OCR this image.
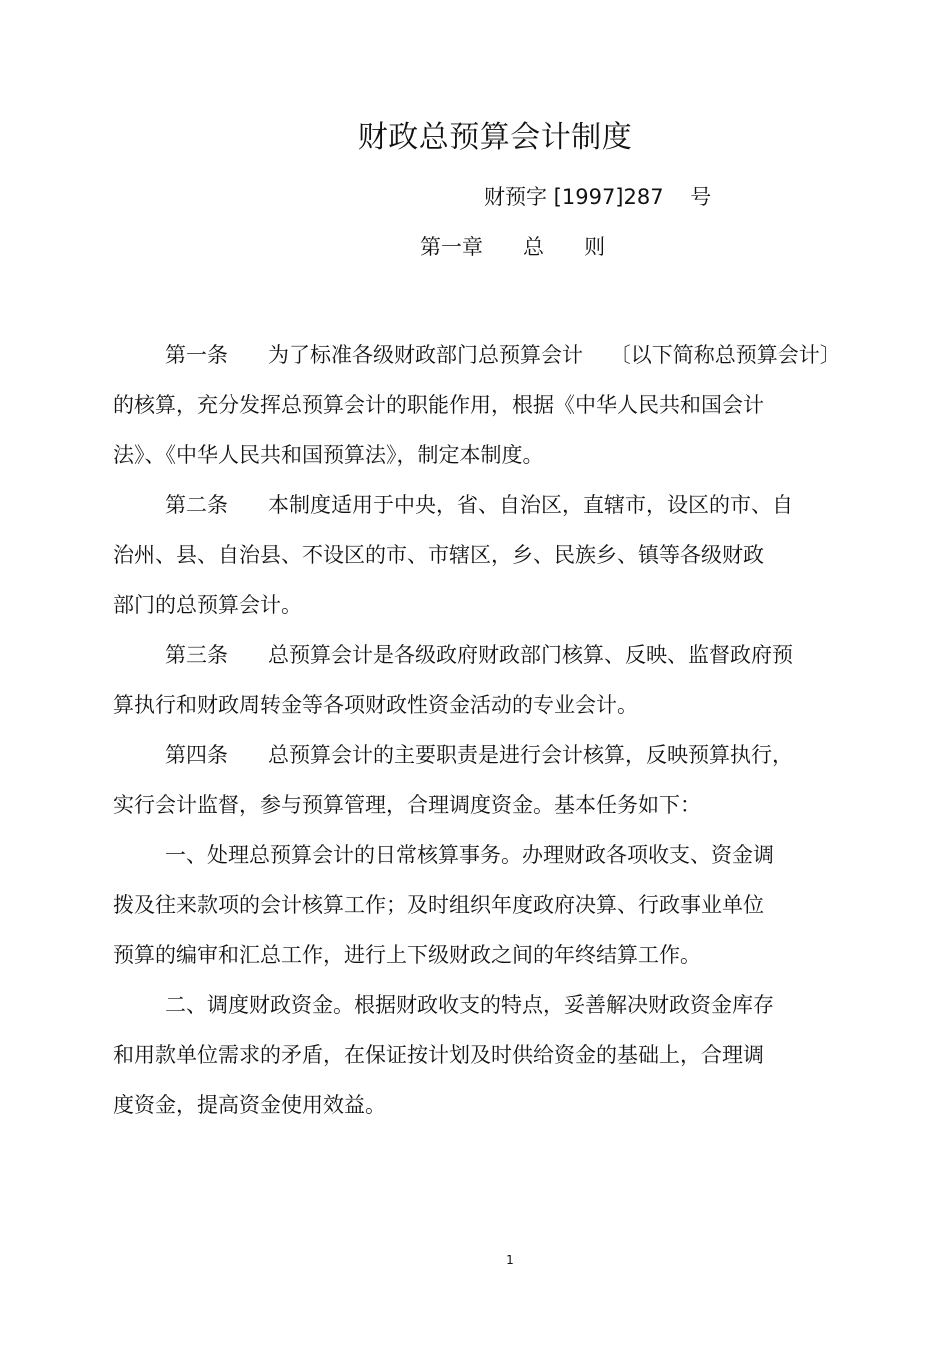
财政总预算会计制度
财预字 [1997]287    号
第一章      总      则

第一条      为了标准各级财政部门总预算会计    〔以下简称总预算会计〕
的核算，充分发挥总预算会计的职能作用，根据《中华人民共和国会计
法》、《中华人民共和国预算法》，制定本制度。

第二条      本制度适用于中央，省、自治区，直辖市，设区的市、自
治州、县、自治县、不设区的市、市辖区，乡、民族乡、镇等各级财政
部门的总预算会计。

第三条      总预算会计是各级政府财政部门核算、反映、监督政府预
算执行和财政周转金等各项财政性资金活动的专业会计。

第四条      总预算会计的主要职责是进行会计核算，反映预算执行，
实行会计监督，参与预算管理，合理调度资金。基本任务如下：

一、处理总预算会计的日常核算事务。办理财政各项收支、资金调
拨及往来款项的会计核算工作；及时组织年度政府决算、行政事业单位
预算的编审和汇总工作，进行上下级财政之间的年终结算工作。

二、调度财政资金。根据财政收支的特点，妥善解决财政资金库存
和用款单位需求的矛盾，在保证按计划及时供给资金的基础上，合理调
度资金，提高资金使用效益。

1
